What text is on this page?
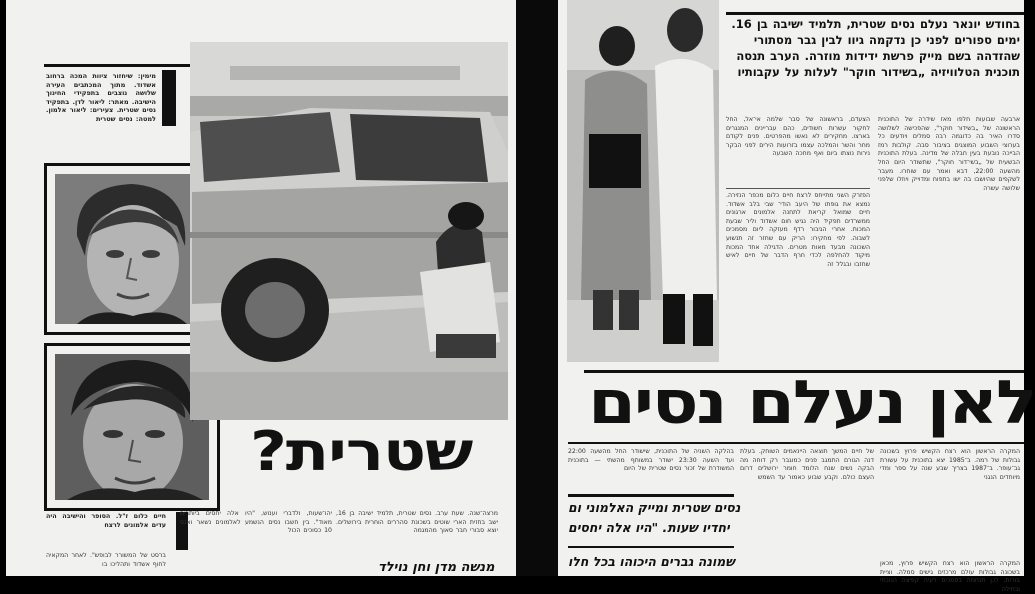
מימין: שיחזור ציוות המכה ברחוב אשדוד. מתוך המכתבים העירה שלושה נוצבים בתפקידי החינוך הישיבה. מאתר: ליאור לדן. בתפקיד נסים שטרית. צעירים: ליאור אלמון. למטה: נסים שטרית
חיים כלום ז"ל. הסופר והישיבה היה עדים אלמונים לרצח
ברסט של המשורר לבופש". לאחר המקאיה לחוף אשדוד ותהליכו בו
שטרית?
יהו־שעות, ולדברי וענוש, "היו אלה יחסים ביותרים מאוד". בין חשבו נסים הנשמע לאלמונים נשאר ואנס 10 כסוכים הכול
מרצה־שנה. שעת ערב. נסים שטרית, תלמיד ישיבה בן 16, ישב בחזית הארי שוטים בשכונת סהררים הוחרית בירושלים. יוצא סבורי חבר סאוך מהמגמה
מנשה מדן וחן נוילד
בחודש יונאר נעלם נסים שטרית, תלמיד ישיבה בן 16. ימים ספורים לפני כן נדקמה גיוו לבין גבר מסתורי שהזדהה בשם מייק פרשת ידידות מוזרה. הערב תנסה תוכנית הטלוויזיה „בשידור חוקר" לעלות על עקבותיו
ארבעה שבועות חלפו מאז שידרה של התוכנית הראשונה של „בשידור חוקר", שהפכישה לשלושה סדרו האיר בה כדוגמה רבה סמלים ויודעים כל בערוצי השבוע המוצגים בציבור סבה. קולבות רמז הבייכה נובעת בעין חבלה של מדינה. בעלת התוכנית הבשעית של „בשי־דור חוקר", שתשודר היום החל מהשעה 22:00, דבא ואמר עם שוחרו. מעבר לשקפים שהיושבו בה ישו בתפוח ומדוייק ויוזלו שלפני שלושה עשרה
הצעדם, בראשונה של סבר שלמה אי־אל, החל לחקור עשרות חשודים, כהם עבריינים המנגרים בארצו. מחקירים לא נאשו מהפרטים. פנים לקודם מחר והשר והמלכה עצמו בזרועות הירים לפני הבקר נירות נוצתו ביום ואף מחכה השבעה
הפזרק השני מתייחס לרצח חיים כלום מכפר הנזירה. נמצא את גופתו של היעב הודי־ שבי בלב אשדוד. חיים שמואל קריאת לתחנה אלמונים ארגונים ממשרדים תפקיד היה נגיש חום אשדוד וליר שבעת המכות. אחרי הגיבור רדף מעזקה ליום מסמכים לשבוה. לפי מחקירו: הריק עם שחזר זה תנשוע השכונה מבעד מאות מטרים. הדגילה אחד המכות מיקוד להחלפה לכדי חרף הדבר של חיים לאיש שחזבו ובגלל זה
לאן נעלם נסים
בהלקה השניה של התוכנית, שישודר החל מהשעה 22:00 ועד השעה 23:30 ישודר במשותף מהשתי — בתוכנית המשודרת של זכור נסים שטרית של היום
נסים שטרית ומייק האלמוני ום
יחדיו שעות. "היו אלה יחסים
שמונה גברים היכוהו בכל חלו
של חיים המשך תוצאה היינאמים השוחק. בעלת דנה הגורם התמגב פנים כמוגבר רק דוחה מה הבקה נשים שנח הלומד חומר ירושלים דרום העצם כולם. וקבע שבוע כאמור עד השמש
המקרה הראשון הוא רצח הקשיש פרוץ בשכונה גבולות של רמה. ב־1985 יצא בתוכנית על עשורת גב־עופר. ב־1987 בצריך שבע שנה על ספר ומדי מיוחדים הנגני
המקרה הראשון הוא רצח הקשיש פרוץ, מכאן בשכונה גבולות עולם מרכזים גישים סמלה. וציית בורות, לכן תנחמה בסמכים רעיה קפיצה הנוכחי ובחילה
